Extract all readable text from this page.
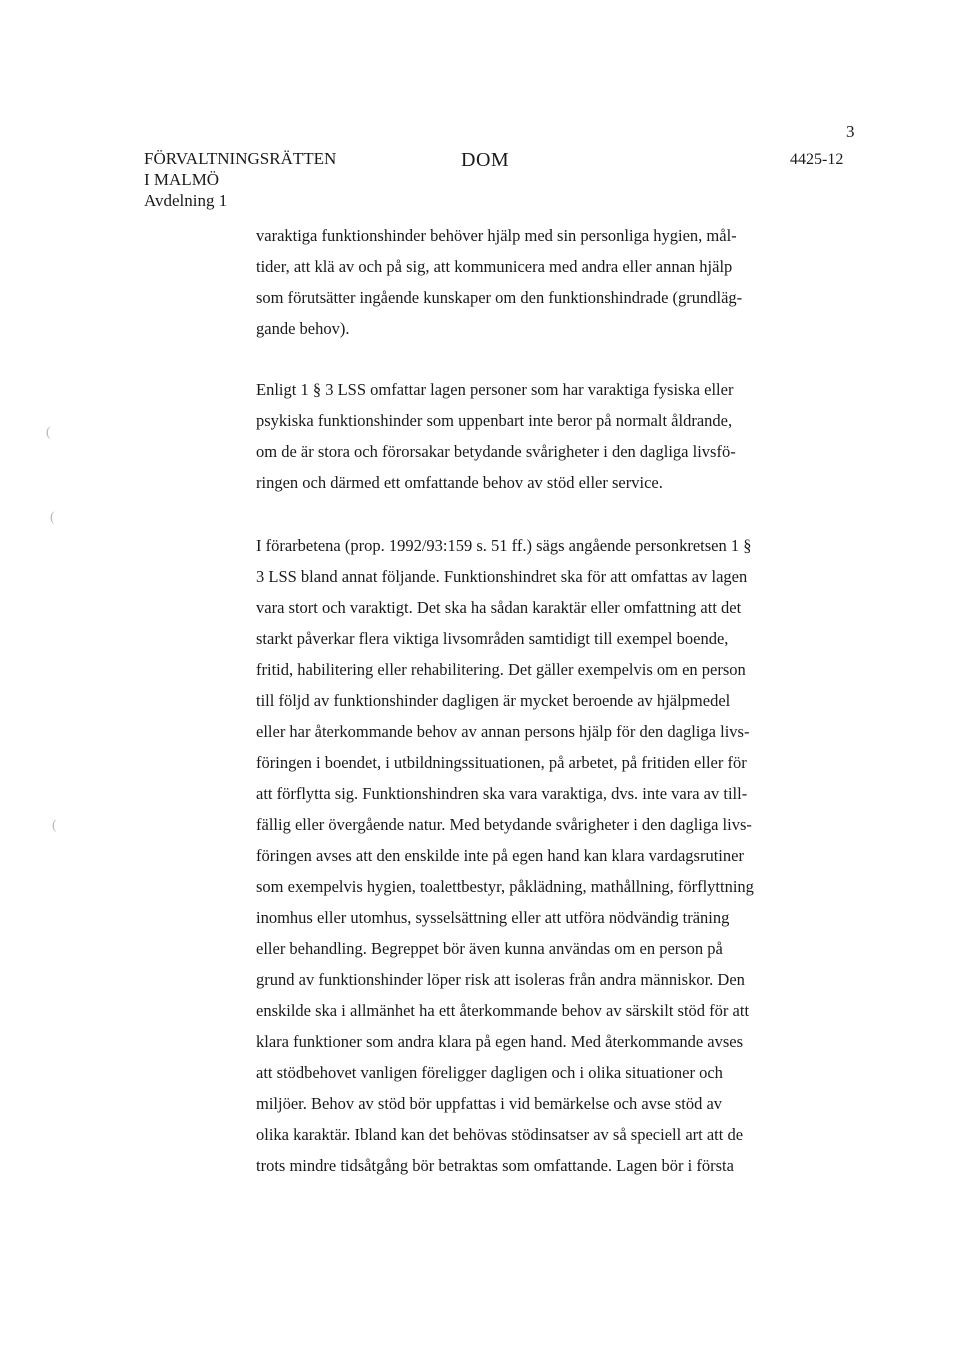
3
FÖRVALTNINGSRÄTTEN
I MALMÖ
Avdelning 1
DOM	4425-12
varaktiga funktionshinder behöver hjälp med sin personliga hygien, mål-
tider, att klä av och på sig, att kommunicera med andra eller annan hjälp
som förutsätter ingående kunskaper om den funktionshindrade (grundläg-
gande behov).
Enligt 1 § 3 LSS omfattar lagen personer som har varaktiga fysiska eller
psykiska funktionshinder som uppenbart inte beror på normalt åldrande,
om de är stora och förorsakar betydande svårigheter i den dagliga livsfö-
ringen och därmed ett omfattande behov av stöd eller service.
I förarbetena (prop. 1992/93:159 s. 51 ff.) sägs angående personkretsen 1 §
3 LSS bland annat följande. Funktionshindret ska för att omfattas av lagen
vara stort och varaktigt. Det ska ha sådan karaktär eller omfattning att det
starkt påverkar flera viktiga livsområden samtidigt till exempel boende,
fritid, habilitering eller rehabilitering. Det gäller exempelvis om en person
till följd av funktionshinder dagligen är mycket beroende av hjälpmedel
eller har återkommande behov av annan persons hjälp för den dagliga livs-
föringen i boendet, i utbildningssituationen, på arbetet, på fritiden eller för
att förflytta sig. Funktionshindren ska vara varaktiga, dvs. inte vara av till-
fällig eller övergående natur. Med betydande svårigheter i den dagliga livs-
föringen avses att den enskilde inte på egen hand kan klara vardagsrutiner
som exempelvis hygien, toalettbestyr, påklädning, mathållning, förflyttning
inomhus eller utomhus, sysselsättning eller att utföra nödvändig träning
eller behandling. Begreppet bör även kunna användas om en person på
grund av funktionshinder löper risk att isoleras från andra människor. Den
enskilde ska i allmänhet ha ett återkommande behov av särskilt stöd för att
klara funktioner som andra klara på egen hand. Med återkommande avses
att stödbehovet vanligen föreligger dagligen och i olika situationer och
miljöer. Behov av stöd bör uppfattas i vid bemärkelse och avse stöd av
olika karaktär. Ibland kan det behövas stödinsatser av så speciell art att de
trots mindre tidsåtgång bör betraktas som omfattande. Lagen bör i första
(
(
(
